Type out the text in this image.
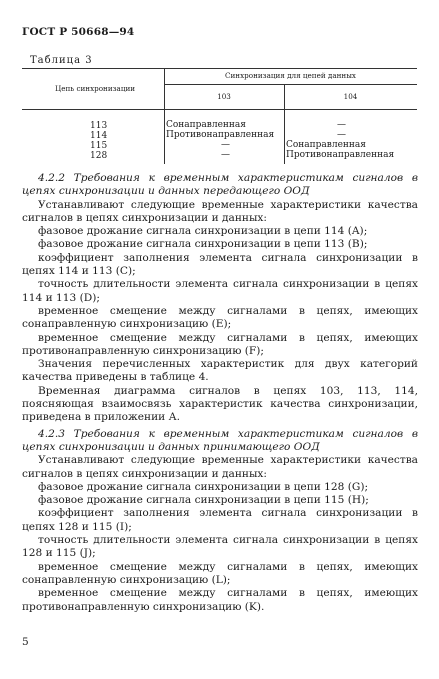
ГОСТ Р 50668—94
Таблица 3
Цепь синхронизации
Синхронизация для цепей данных
103	104
113
114
115
128
Сонаправленная
Противонаправленная
—
—
—
—
Сонаправленная
Противонаправленная

4.2.2 Требования к временным характеристикам сигналов в цепях синхронизации и данных передающего ООД

Устанавливают следующие временные характеристики качества сигналов в цепях синхронизации и данных:

фазовое дрожание сигнала синхронизации в цепи 114 (A);

фазовое дрожание сигнала синхронизации в цепи 113 (B);

коэффициент заполнения элемента сигнала синхронизации в цепях 114 и 113 (C);

точность длительности элемента сигнала синхронизации в цепях 114 и 113 (D);

временное смещение между сигналами в цепях, имеющих сонаправленную синхронизацию (E);

временное смещение между сигналами в цепях, имеющих противонаправленную синхронизацию (F);

Значения перечисленных характеристик для двух категорий качества приведены в таблице 4.

Временная диаграмма сигналов в цепях 103, 113, 114, поясняющая взаимосвязь характеристик качества синхронизации, приведена в приложении А.

4.2.3 Требования к временным характеристикам сигналов в цепях синхронизации и данных принимающего ООД

Устанавливают следующие временные характеристики качества сигналов в цепях синхронизации и данных:

фазовое дрожание сигнала синхронизации в цепи 128 (G);

фазовое дрожание сигнала синхронизации в цепи 115 (H);

коэффициент заполнения элемента сигнала синхронизации в цепях 128 и 115 (I);

точность длительности элемента сигнала синхронизации в цепях 128 и 115 (J);

временное смещение между сигналами в цепях, имеющих сонаправленную синхронизацию (L);

временное смещение между сигналами в цепях, имеющих противонаправленную синхронизацию (K).

5
